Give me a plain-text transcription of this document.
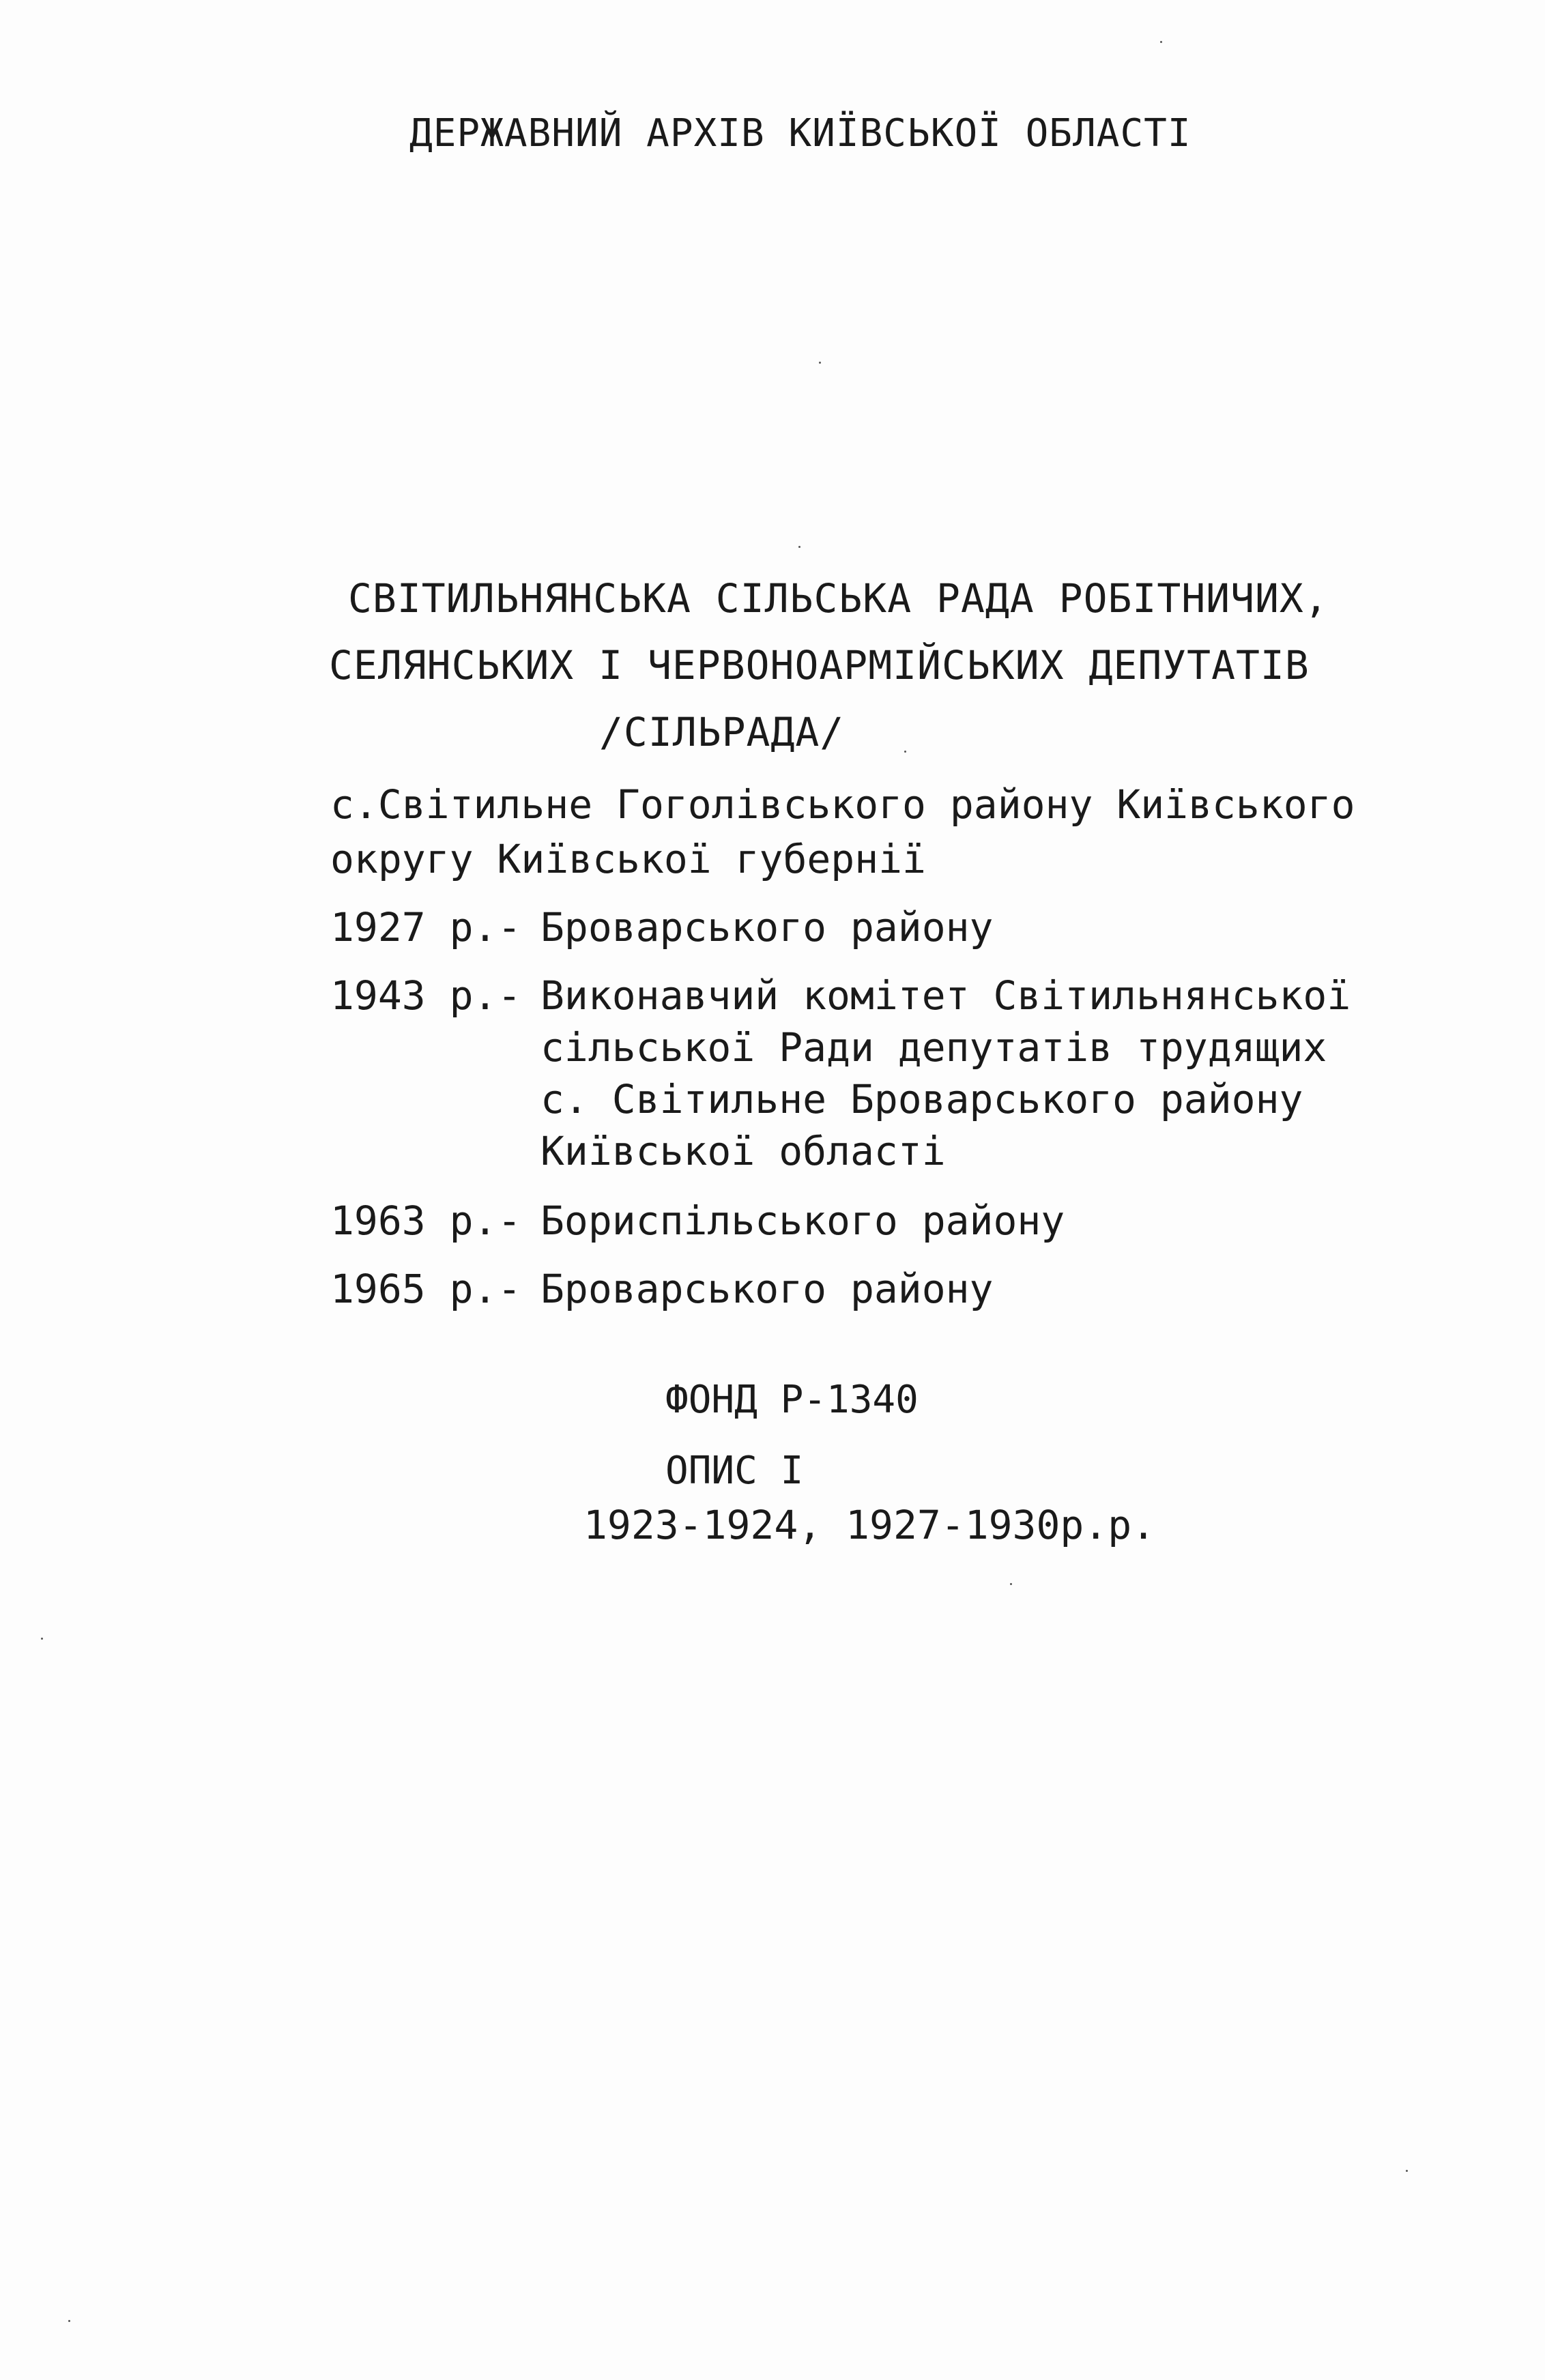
ДЕРЖАВНИЙ АРХІВ КИЇВСЬКОЇ ОБЛАСТІ
СВІТИЛЬНЯНСЬКА СІЛЬСЬКА РАДА РОБІТНИЧИХ,
СЕЛЯНСЬКИХ І ЧЕРВОНОАРМІЙСЬКИХ ДЕПУТАТІВ
/СІЛЬРАДА/
с.Світильне Гоголівського району Київського
округу Київської губернії
1927 р. - Броварського району
1943 р. - Виконавчий комітет Світильнянської
сільської Ради депутатів трудящих
с. Світильне Броварського району
Київської області
1963 р. - Бориспільського району
1965 р. - Броварського району
ФОНД Р-1340
ОПИС І
1923-1924, 1927-1930р.р.
